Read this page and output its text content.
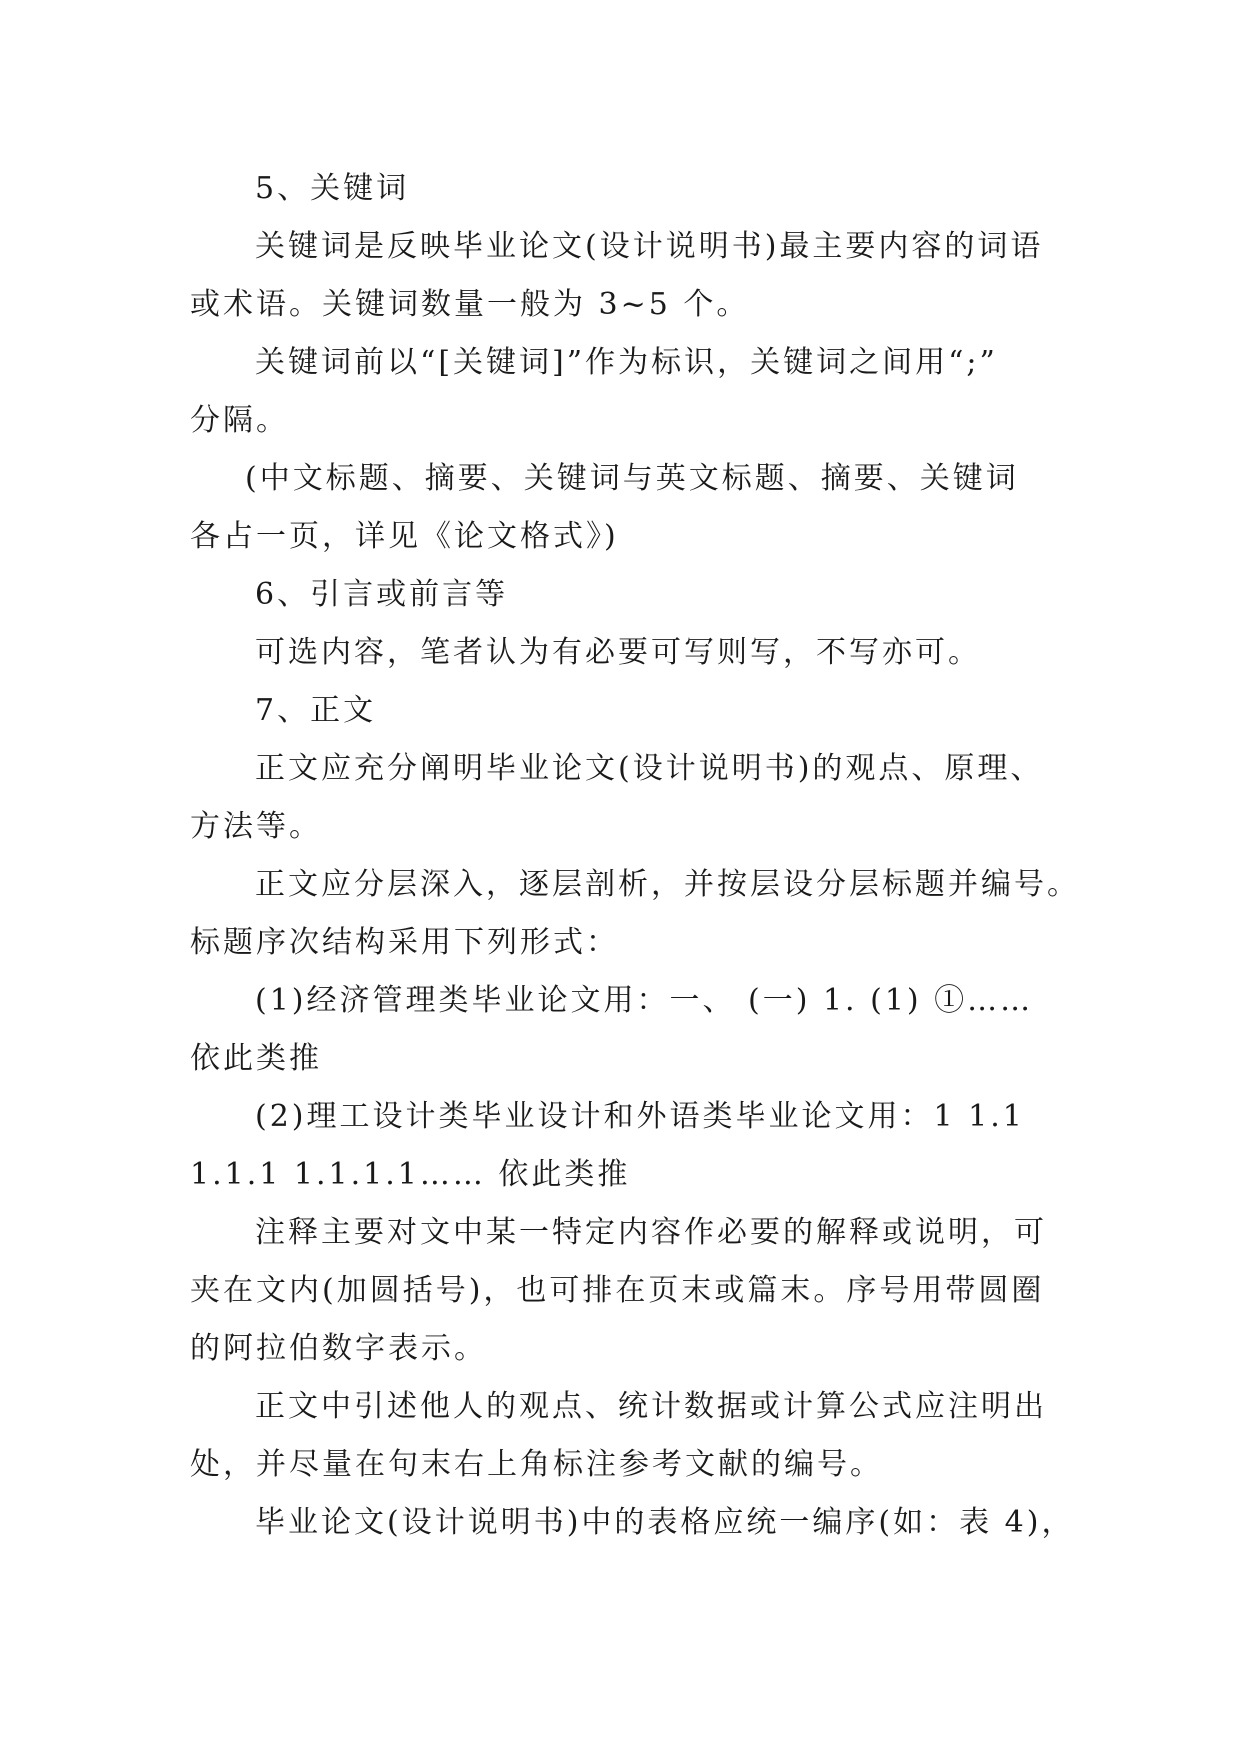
5、关键词
关键词是反映毕业论文(设计说明书)最主要内容的词语
或术语。关键词数量一般为 3~5 个。
关键词前以“[关键词]”作为标识，关键词之间用“;”
分隔。
(中文标题、摘要、关键词与英文标题、摘要、关键词
各占一页，详见《论文格式》)
6、引言或前言等
可选内容，笔者认为有必要可写则写，不写亦可。
7、正文
正文应充分阐明毕业论文(设计说明书)的观点、原理、
方法等。
正文应分层深入，逐层剖析，并按层设分层标题并编号。
标题序次结构采用下列形式：
(1)经济管理类毕业论文用：一、 (一) 1. (1) ①……
依此类推
(2)理工设计类毕业设计和外语类毕业论文用：1 1.1
1.1.1 1.1.1.1…… 依此类推
注释主要对文中某一特定内容作必要的解释或说明，可
夹在文内(加圆括号)，也可排在页末或篇末。序号用带圆圈
的阿拉伯数字表示。
正文中引述他人的观点、统计数据或计算公式应注明出
处，并尽量在句末右上角标注参考文献的编号。
毕业论文(设计说明书)中的表格应统一编序(如：表 4)，
